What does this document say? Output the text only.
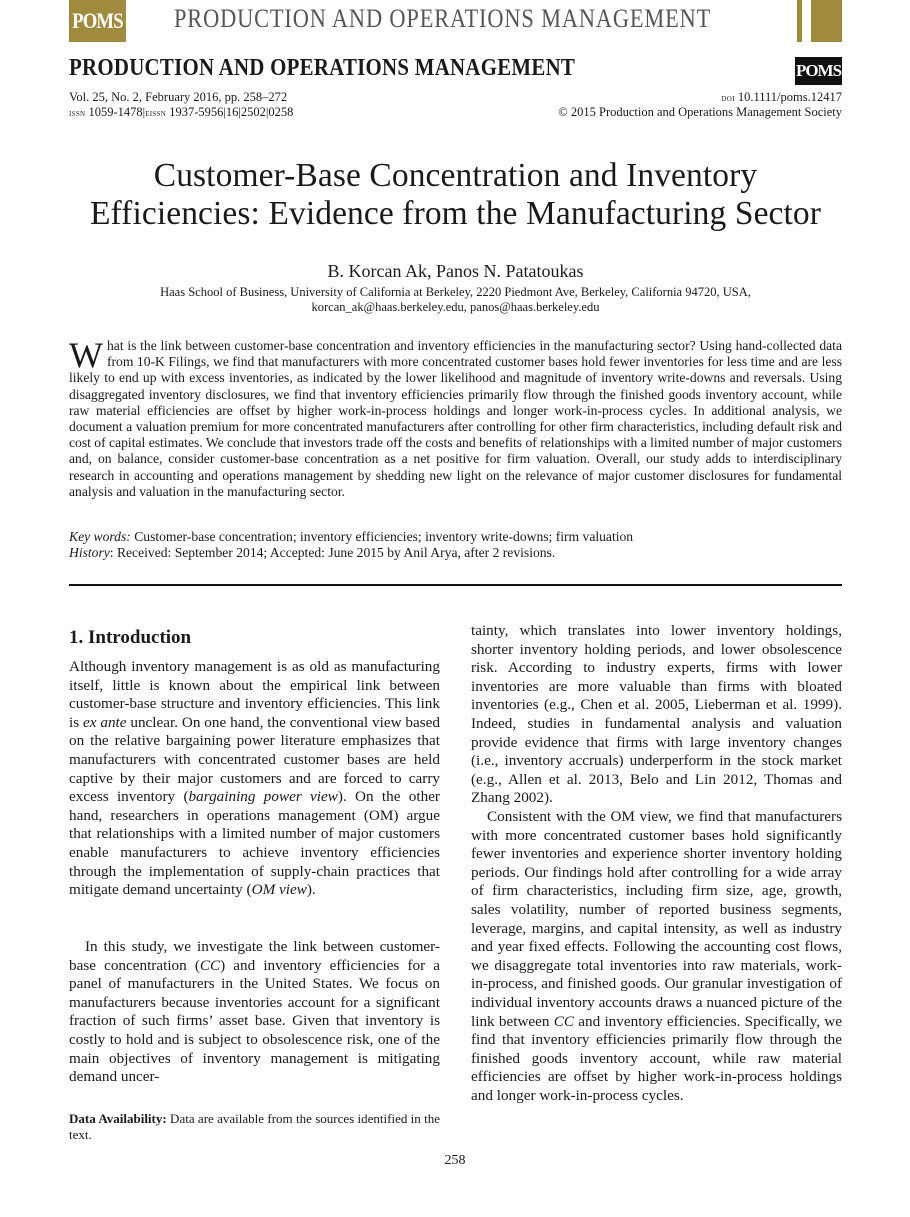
POMS PRODUCTION AND OPERATIONS MANAGEMENT
PRODUCTION AND OPERATIONS MANAGEMENT	POMS
Vol. 25, No. 2, February 2016, pp. 258–272
issn 1059-1478|eissn 1937-5956|16|2502|0258
doi 10.1111/poms.12417
© 2015 Production and Operations Management Society
Customer-Base Concentration and Inventory
Efficiencies: Evidence from the Manufacturing Sector
B. Korcan Ak, Panos N. Patatoukas
Haas School of Business, University of California at Berkeley, 2220 Piedmont Ave, Berkeley, California 94720, USA,
korcan_ak@haas.berkeley.edu, panos@haas.berkeley.edu
What is the link between customer-base concentration and inventory efficiencies in the manufacturing sector? Using hand-collected data from 10-K Filings, we find that manufacturers with more concentrated customer bases hold fewer inventories for less time and are less likely to end up with excess inventories, as indicated by the lower likelihood and magnitude of inventory write-downs and reversals. Using disaggregated inventory disclosures, we find that inventory efficiencies primarily flow through the finished goods inventory account, while raw material efficiencies are offset by higher work-in-process holdings and longer work-in-process cycles. In additional analysis, we document a valuation premium for more concentrated manufacturers after controlling for other firm characteristics, including default risk and cost of capital estimates. We conclude that investors trade off the costs and benefits of relationships with a limited number of major customers and, on balance, consider customer-base concentration as a net positive for firm valuation. Overall, our study adds to interdisciplinary research in accounting and operations management by shedding new light on the relevance of major customer disclosures for fundamental analysis and valuation in the manufacturing sector.
Key words: Customer-base concentration; inventory efficiencies; inventory write-downs; firm valuation
History: Received: September 2014; Accepted: June 2015 by Anil Arya, after 2 revisions.
1. Introduction

Although inventory management is as old as manufacturing itself, little is known about the empirical link between customer-base structure and inventory efficiencies. This link is ex ante unclear. On one hand, the conventional view based on the relative bargaining power literature emphasizes that manufacturers with concentrated customer bases are held captive by their major customers and are forced to carry excess inventory (bargaining power view). On the other hand, researchers in operations management (OM) argue that relationships with a limited number of major customers enable manufacturers to achieve inventory efficiencies through the implementation of supply-chain practices that mitigate demand uncertainty (OM view).

In this study, we investigate the link between customer-base concentration (CC) and inventory efficiencies for a panel of manufacturers in the United States. We focus on manufacturers because inventories account for a significant fraction of such firms’ asset base. Given that inventory is costly to hold and is subject to obsolescence risk, one of the main objectives of inventory management is mitigating demand uncer-

Data Availability: Data are available from the sources identified in the text.

tainty, which translates into lower inventory holdings, shorter inventory holding periods, and lower obsolescence risk. According to industry experts, firms with lower inventories are more valuable than firms with bloated inventories (e.g., Chen et al. 2005, Lieberman et al. 1999). Indeed, studies in fundamental analysis and valuation provide evidence that firms with large inventory changes (i.e., inventory accruals) underperform in the stock market (e.g., Allen et al. 2013, Belo and Lin 2012, Thomas and Zhang 2002).

Consistent with the OM view, we find that manufacturers with more concentrated customer bases hold significantly fewer inventories and experience shorter inventory holding periods. Our findings hold after controlling for a wide array of firm characteristics, including firm size, age, growth, sales volatility, number of reported business segments, leverage, margins, and capital intensity, as well as industry and year fixed effects. Following the accounting cost flows, we disaggregate total inventories into raw materials, work-in-process, and finished goods. Our granular investigation of individual inventory accounts draws a nuanced picture of the link between CC and inventory efficiencies. Specifically, we find that inventory efficiencies primarily flow through the finished goods inventory account, while raw material efficiencies are offset by higher work-in-process holdings and longer work-in-process cycles.

258
